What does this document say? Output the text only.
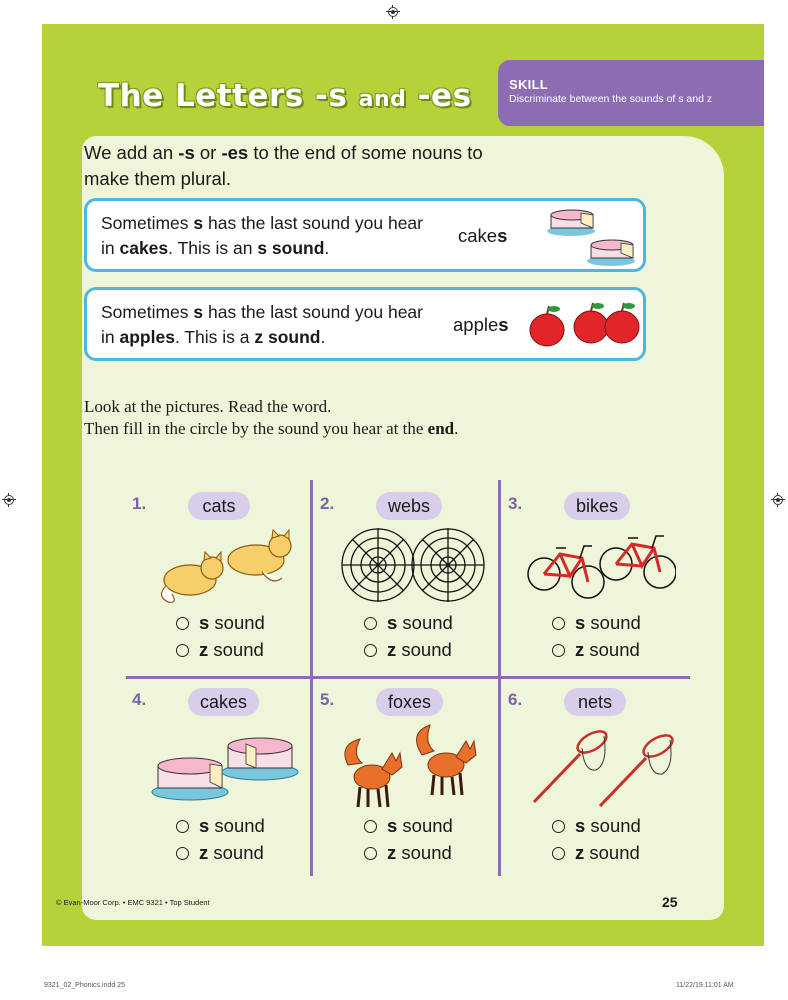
The Letters -s and -es	SKILL
Discriminate between the sounds of s and z
We add an -s or -es to the end of some nouns to make them plural.
Sometimes s has the last sound you hear in cakes. This is an s sound.
cakes
Sometimes s has the last sound you hear in apples. This is a z sound.
apples
Look at the pictures. Read the word.
Then fill in the circle by the sound you hear at the end.
1.	cats
s sound
z sound
2.	webs
s sound
z sound
3.	bikes
s sound
z sound
4.	cakes
s sound
z sound
5.	foxes
s sound
z sound
6.	nets
s sound
z sound
© Evan-Moor Corp. • EMC 9321 • Top Student	25
9321_02_Phonics.indd 25	11/22/19 11:01 AM
